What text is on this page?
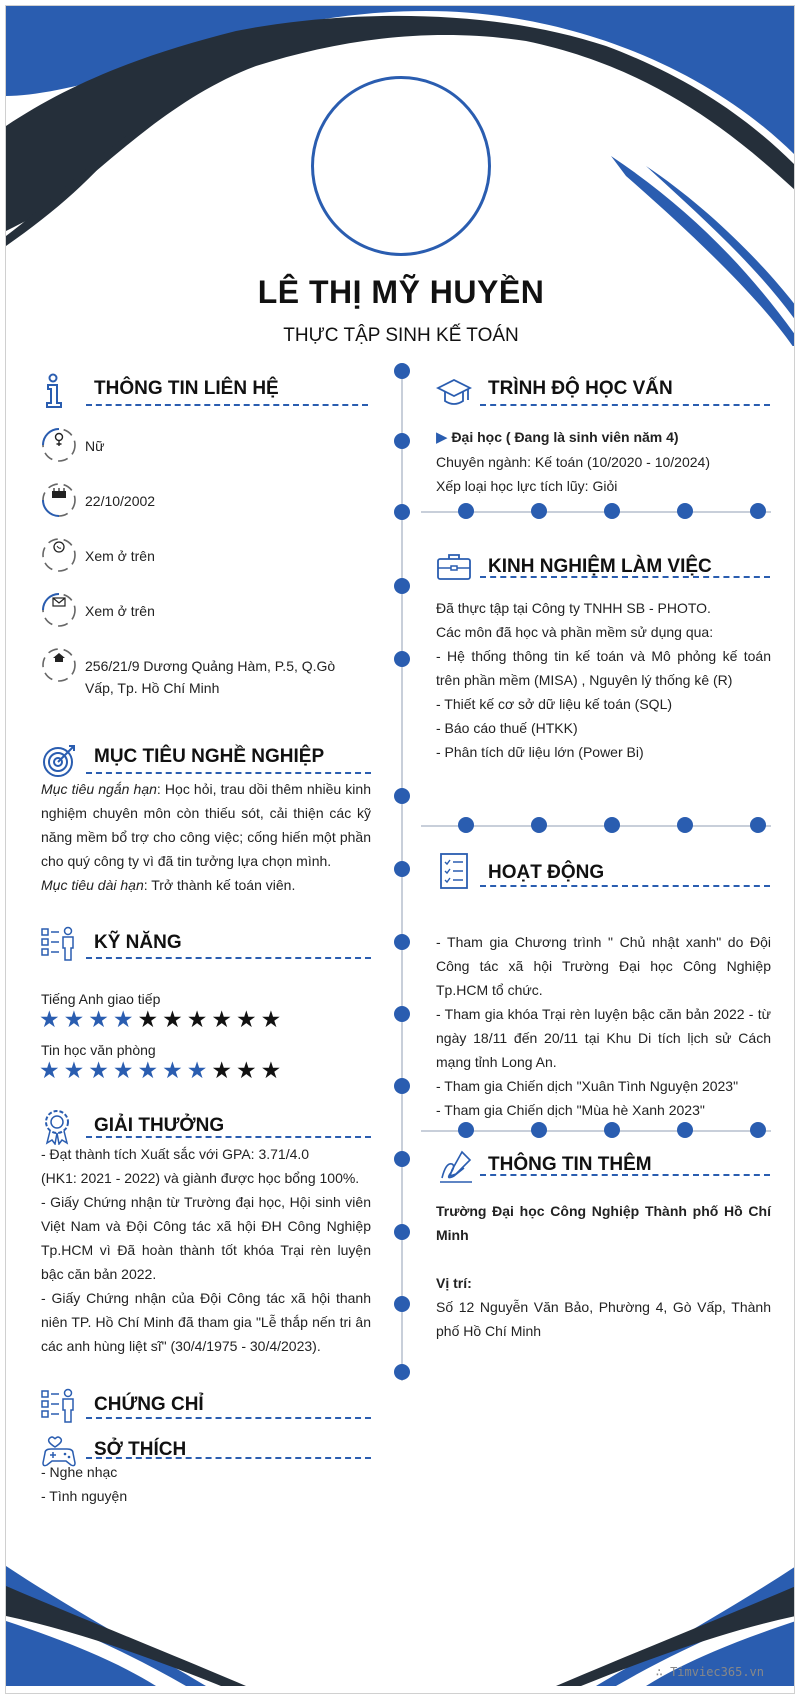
LÊ THỊ MỸ HUYỀN
THỰC TẬP SINH KẾ TOÁN
THÔNG TIN LIÊN HỆ
Nữ
22/10/2002
Xem ở trên
Xem ở trên
256/21/9 Dương Quảng Hàm, P.5, Q.Gò Vấp, Tp. Hồ Chí Minh
MỤC TIÊU NGHỀ NGHIỆP

Mục tiêu ngắn hạn: Học hỏi, trau dồi thêm nhiều kinh nghiệm chuyên môn còn thiếu sót, cải thiện các kỹ năng mềm bổ trợ cho công việc; cống hiến một phần cho quý công ty vì đã tin tưởng lựa chọn mình.

Mục tiêu dài hạn: Trở thành kế toán viên.

KỸ NĂNG
Tiếng Anh giao tiếp
★★★★★★★★★★
Tin học văn phòng
★★★★★★★★★★
GIẢI THƯỞNG

- Đạt thành tích Xuất sắc với GPA: 3.71/4.0

(HK1: 2021 - 2022) và giành được học bổng 100%.

- Giấy Chứng nhận từ Trường đại học, Hội sinh viên Việt Nam và Đội Công tác xã hội ĐH Công Nghiệp Tp.HCM vì Đã hoàn thành tốt khóa Trại rèn luyện bậc căn bản 2022.

- Giấy Chứng nhận của Đội Công tác xã hội thanh niên TP. Hồ Chí Minh đã tham gia "Lễ thắp nến tri ân các anh hùng liệt sĩ" (30/4/1975 - 30/4/2023).

CHỨNG CHỈ
SỞ THÍCH

- Nghe nhạc

- Tình nguyện

TRÌNH ĐỘ HỌC VẤN

▶ Đại học ( Đang là sinh viên năm 4)

Chuyên ngành: Kế toán (10/2020 - 10/2024)

Xếp loại học lực tích lũy: Giỏi

KINH NGHIỆM LÀM VIỆC

Đã thực tập tại Công ty TNHH SB - PHOTO.

Các môn đã học và phần mềm sử dụng qua:

- Hệ thống thông tin kế toán và Mô phỏng kế toán trên phần mềm (MISA) , Nguyên lý thống kê (R)

- Thiết kế cơ sở dữ liệu kế toán (SQL)

- Báo cáo thuế (HTKK)

- Phân tích dữ liệu lớn (Power Bi)

HOẠT ĐỘNG

- Tham gia Chương trình " Chủ nhật xanh" do Đội Công tác xã hội Trường Đại học Công Nghiệp Tp.HCM tổ chức.

- Tham gia khóa Trại rèn luyện bậc căn bản 2022 - từ ngày 18/11 đến 20/11 tại Khu Di tích lịch sử Cách mạng tỉnh Long An.

- Tham gia Chiến dịch "Xuân Tình Nguyện 2023"

- Tham gia Chiến dịch "Mùa hè Xanh 2023"

THÔNG TIN THÊM

Trường Đại học Công Nghiệp Thành phố Hồ Chí Minh

Vị trí:

Số 12 Nguyễn Văn Bảo, Phường 4, Gò Vấp, Thành phố Hồ Chí Minh

∴ Timviec365.vn
